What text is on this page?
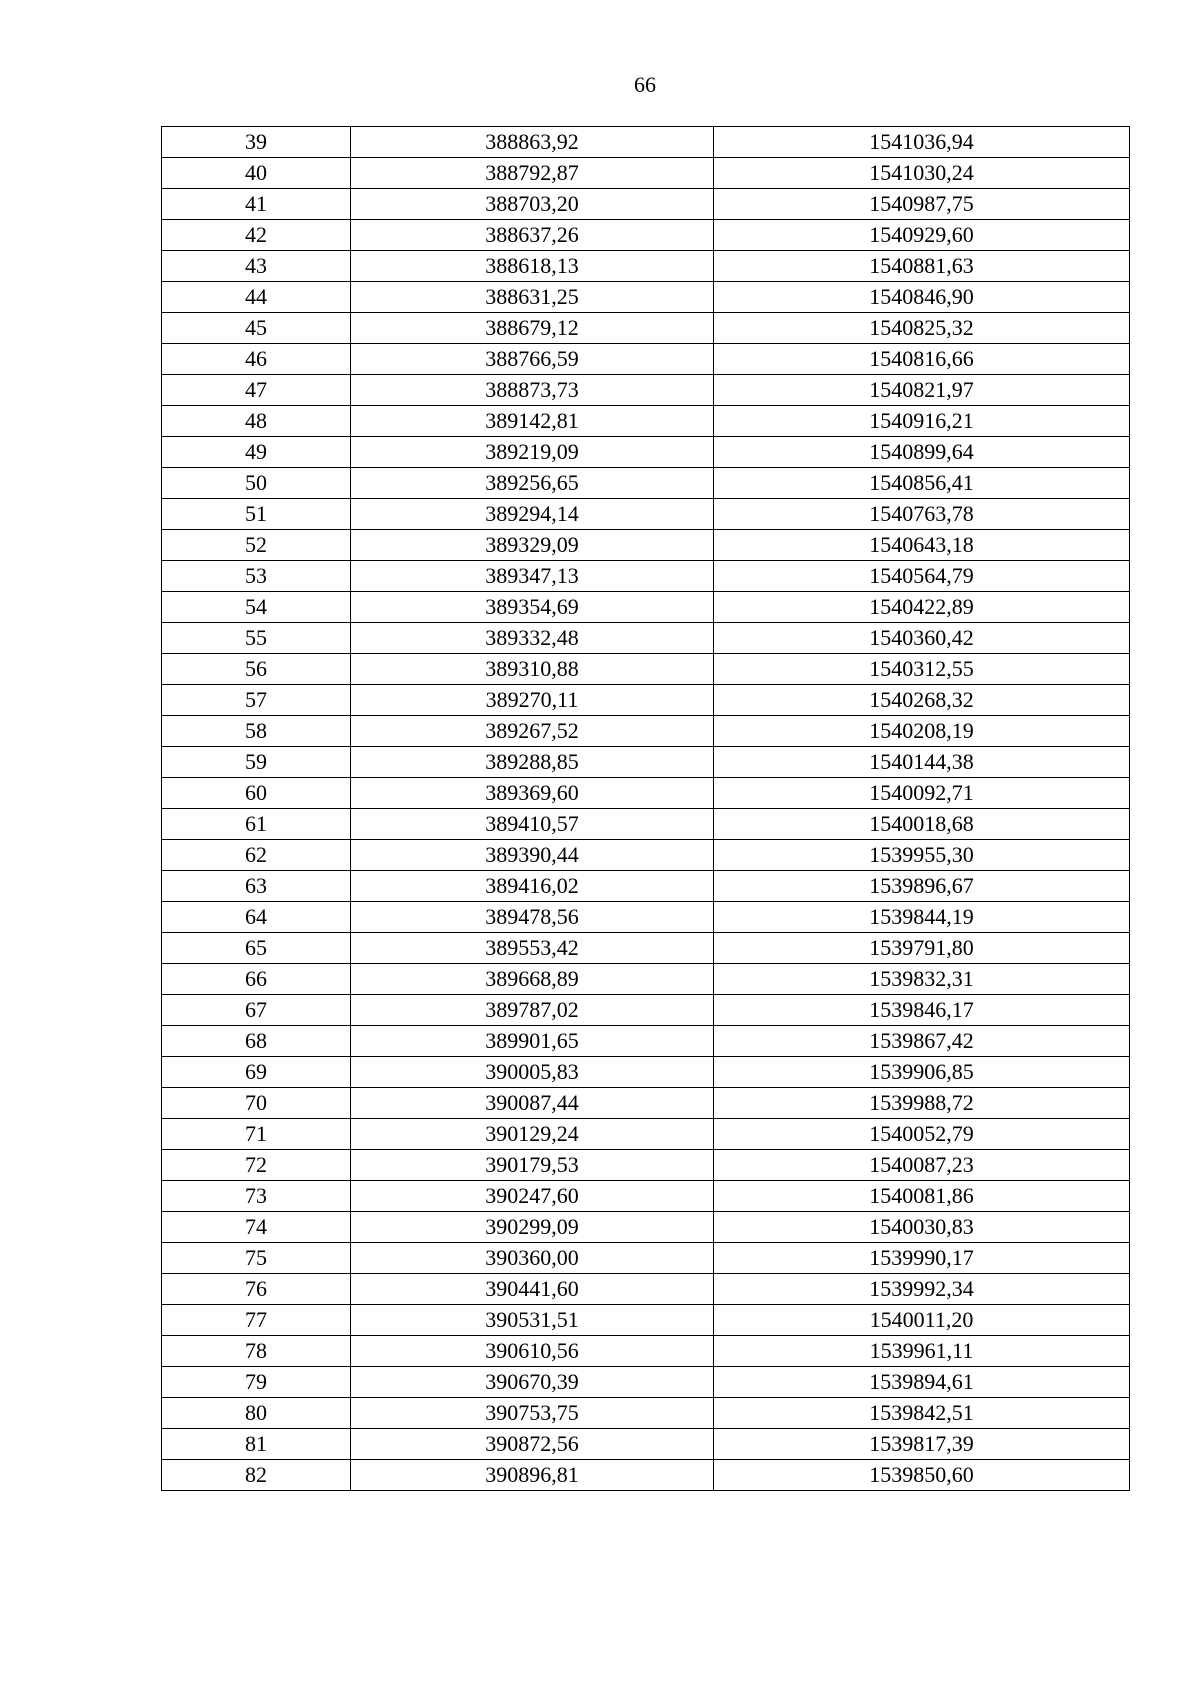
66
39	388863,92	1541036,94
40	388792,87	1541030,24
41	388703,20	1540987,75
42	388637,26	1540929,60
43	388618,13	1540881,63
44	388631,25	1540846,90
45	388679,12	1540825,32
46	388766,59	1540816,66
47	388873,73	1540821,97
48	389142,81	1540916,21
49	389219,09	1540899,64
50	389256,65	1540856,41
51	389294,14	1540763,78
52	389329,09	1540643,18
53	389347,13	1540564,79
54	389354,69	1540422,89
55	389332,48	1540360,42
56	389310,88	1540312,55
57	389270,11	1540268,32
58	389267,52	1540208,19
59	389288,85	1540144,38
60	389369,60	1540092,71
61	389410,57	1540018,68
62	389390,44	1539955,30
63	389416,02	1539896,67
64	389478,56	1539844,19
65	389553,42	1539791,80
66	389668,89	1539832,31
67	389787,02	1539846,17
68	389901,65	1539867,42
69	390005,83	1539906,85
70	390087,44	1539988,72
71	390129,24	1540052,79
72	390179,53	1540087,23
73	390247,60	1540081,86
74	390299,09	1540030,83
75	390360,00	1539990,17
76	390441,60	1539992,34
77	390531,51	1540011,20
78	390610,56	1539961,11
79	390670,39	1539894,61
80	390753,75	1539842,51
81	390872,56	1539817,39
82	390896,81	1539850,60
